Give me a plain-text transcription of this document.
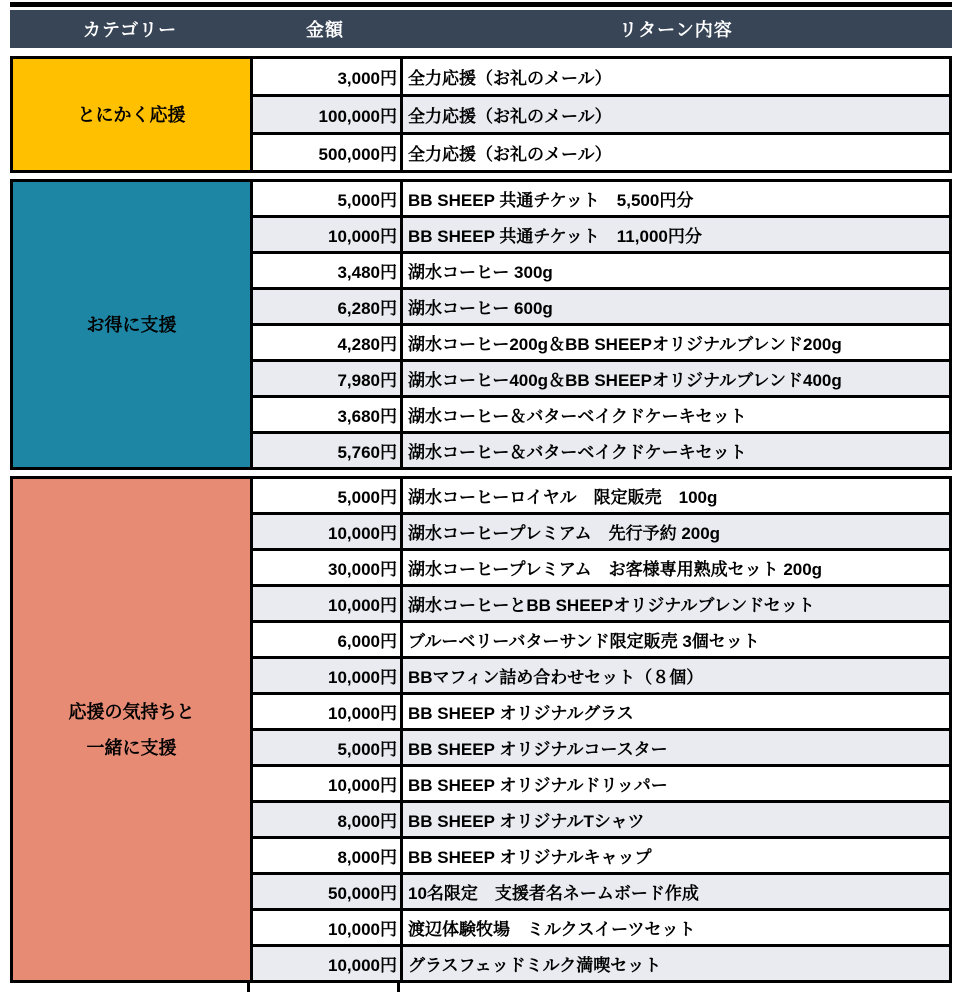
カテゴリー	金額	リターン内容
とにかく応援
3,000円 全力応援（お礼のメール）
100,000円 全力応援（お礼のメール）
500,000円 全力応援（お礼のメール）
お得に支援
5,000円 BB SHEEP 共通チケット　5,500円分
10,000円 BB SHEEP 共通チケット　11,000円分
3,480円 湖水コーヒー 300g
6,280円 湖水コーヒー 600g
4,280円 湖水コーヒー200g＆BB SHEEPオリジナルブレンド200g
7,980円 湖水コーヒー400g＆BB SHEEPオリジナルブレンド400g
3,680円 湖水コーヒー＆バターベイクドケーキセット
5,760円 湖水コーヒー＆バターベイクドケーキセット
応援の気持ちと
一緒に支援
5,000円 湖水コーヒーロイヤル　限定販売　100g
10,000円 湖水コーヒープレミアム　先行予約 200g
30,000円 湖水コーヒープレミアム　お客様専用熟成セット 200g
10,000円 湖水コーヒーとBB SHEEPオリジナルブレンドセット
6,000円 ブルーベリーバターサンド限定販売 3個セット
10,000円 BBマフィン詰め合わせセット（８個）
10,000円 BB SHEEP オリジナルグラス
5,000円 BB SHEEP オリジナルコースター
10,000円 BB SHEEP オリジナルドリッパー
8,000円 BB SHEEP オリジナルTシャツ
8,000円 BB SHEEP オリジナルキャップ
50,000円 10名限定　支援者名ネームボード作成
10,000円 渡辺体験牧場　ミルクスイーツセット
10,000円 グラスフェッドミルク満喫セット
